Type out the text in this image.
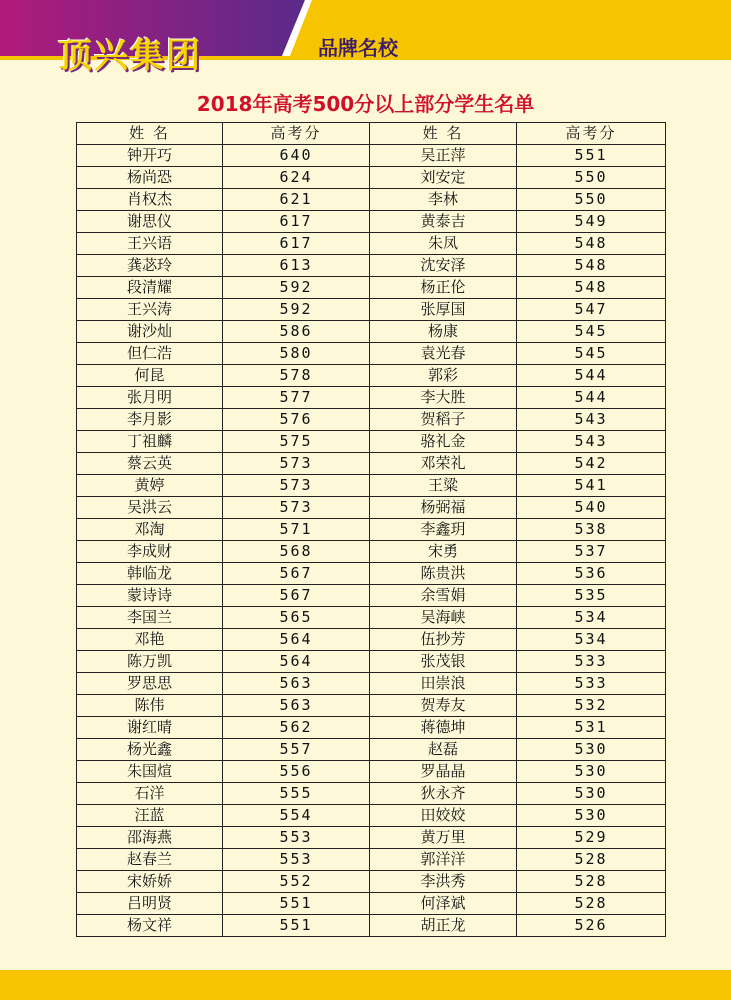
顶兴集团	品牌名校
2018年高考500分以上部分学生名单
姓 名	高考分	姓 名	高考分
钟开巧	640	吴正萍	551
杨尚恐	624	刘安定	550
肖权杰	621	李林	550
谢思仪	617	黄泰吉	549
王兴语	617	朱凤	548
龚苾玲	613	沈安泽	548
段清耀	592	杨正伦	548
王兴涛	592	张厚国	547
谢沙灿	586	杨康	545
但仁浩	580	袁光春	545
何昆	578	郭彩	544
张月明	577	李大胜	544
李月影	576	贺稻子	543
丁祖麟	575	骆礼金	543
蔡云英	573	邓荣礼	542
黄婷	573	王粱	541
吴洪云	573	杨弼福	540
邓淘	571	李鑫玥	538
李成财	568	宋勇	537
韩临龙	567	陈贵洪	536
蒙诗诗	567	余雪娟	535
李国兰	565	吴海峡	534
邓艳	564	伍抄芳	534
陈万凯	564	张茂银	533
罗思思	563	田崇浪	533
陈伟	563	贺寿友	532
谢红晴	562	蒋德坤	531
杨光鑫	557	赵磊	530
朱国煊	556	罗晶晶	530
石洋	555	狄永齐	530
汪蓝	554	田姣姣	530
邵海燕	553	黄万里	529
赵春兰	553	郭洋洋	528
宋娇娇	552	李洪秀	528
吕明贤	551	何泽斌	528
杨文祥	551	胡正龙	526
